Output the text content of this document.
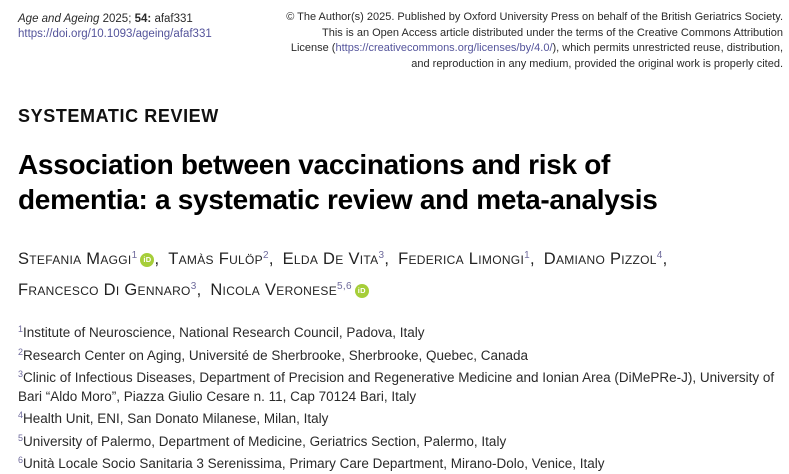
Age and Ageing 2025; 54: afaf331
https://doi.org/10.1093/ageing/afaf331
© The Author(s) 2025. Published by Oxford University Press on behalf of the British Geriatrics Society.
This is an Open Access article distributed under the terms of the Creative Commons Attribution
License (https://creativecommons.org/licenses/by/4.0/), which permits unrestricted reuse, distribution,
and reproduction in any medium, provided the original work is properly cited.
SYSTEMATIC REVIEW
Association between vaccinations and risk of
dementia: a systematic review and meta-analysis
Stefania Maggi$^1$ iD , Tamàs Fulöp$^2$, Elda De Vita$^3$, Federica Limongi$^1$, Damiano Pizzol$^4$, Francesco Di Gennaro$^3$, Nicola Veronese$^{5,6}$ iD
$^1$Institute of Neuroscience, National Research Council, Padova, Italy
$^2$Research Center on Aging, Université de Sherbrooke, Sherbrooke, Quebec, Canada
$^3$Clinic of Infectious Diseases, Department of Precision and Regenerative Medicine and Ionian Area (DiMePRe-J), University of Bari “Aldo Moro”, Piazza Giulio Cesare n. 11, Cap 70124 Bari, Italy
$^4$Health Unit, ENI, San Donato Milanese, Milan, Italy
$^5$University of Palermo, Department of Medicine, Geriatrics Section, Palermo, Italy
$^6$Unità Locale Socio Sanitaria 3 Serenissima, Primary Care Department, Mirano-Dolo, Venice, Italy
